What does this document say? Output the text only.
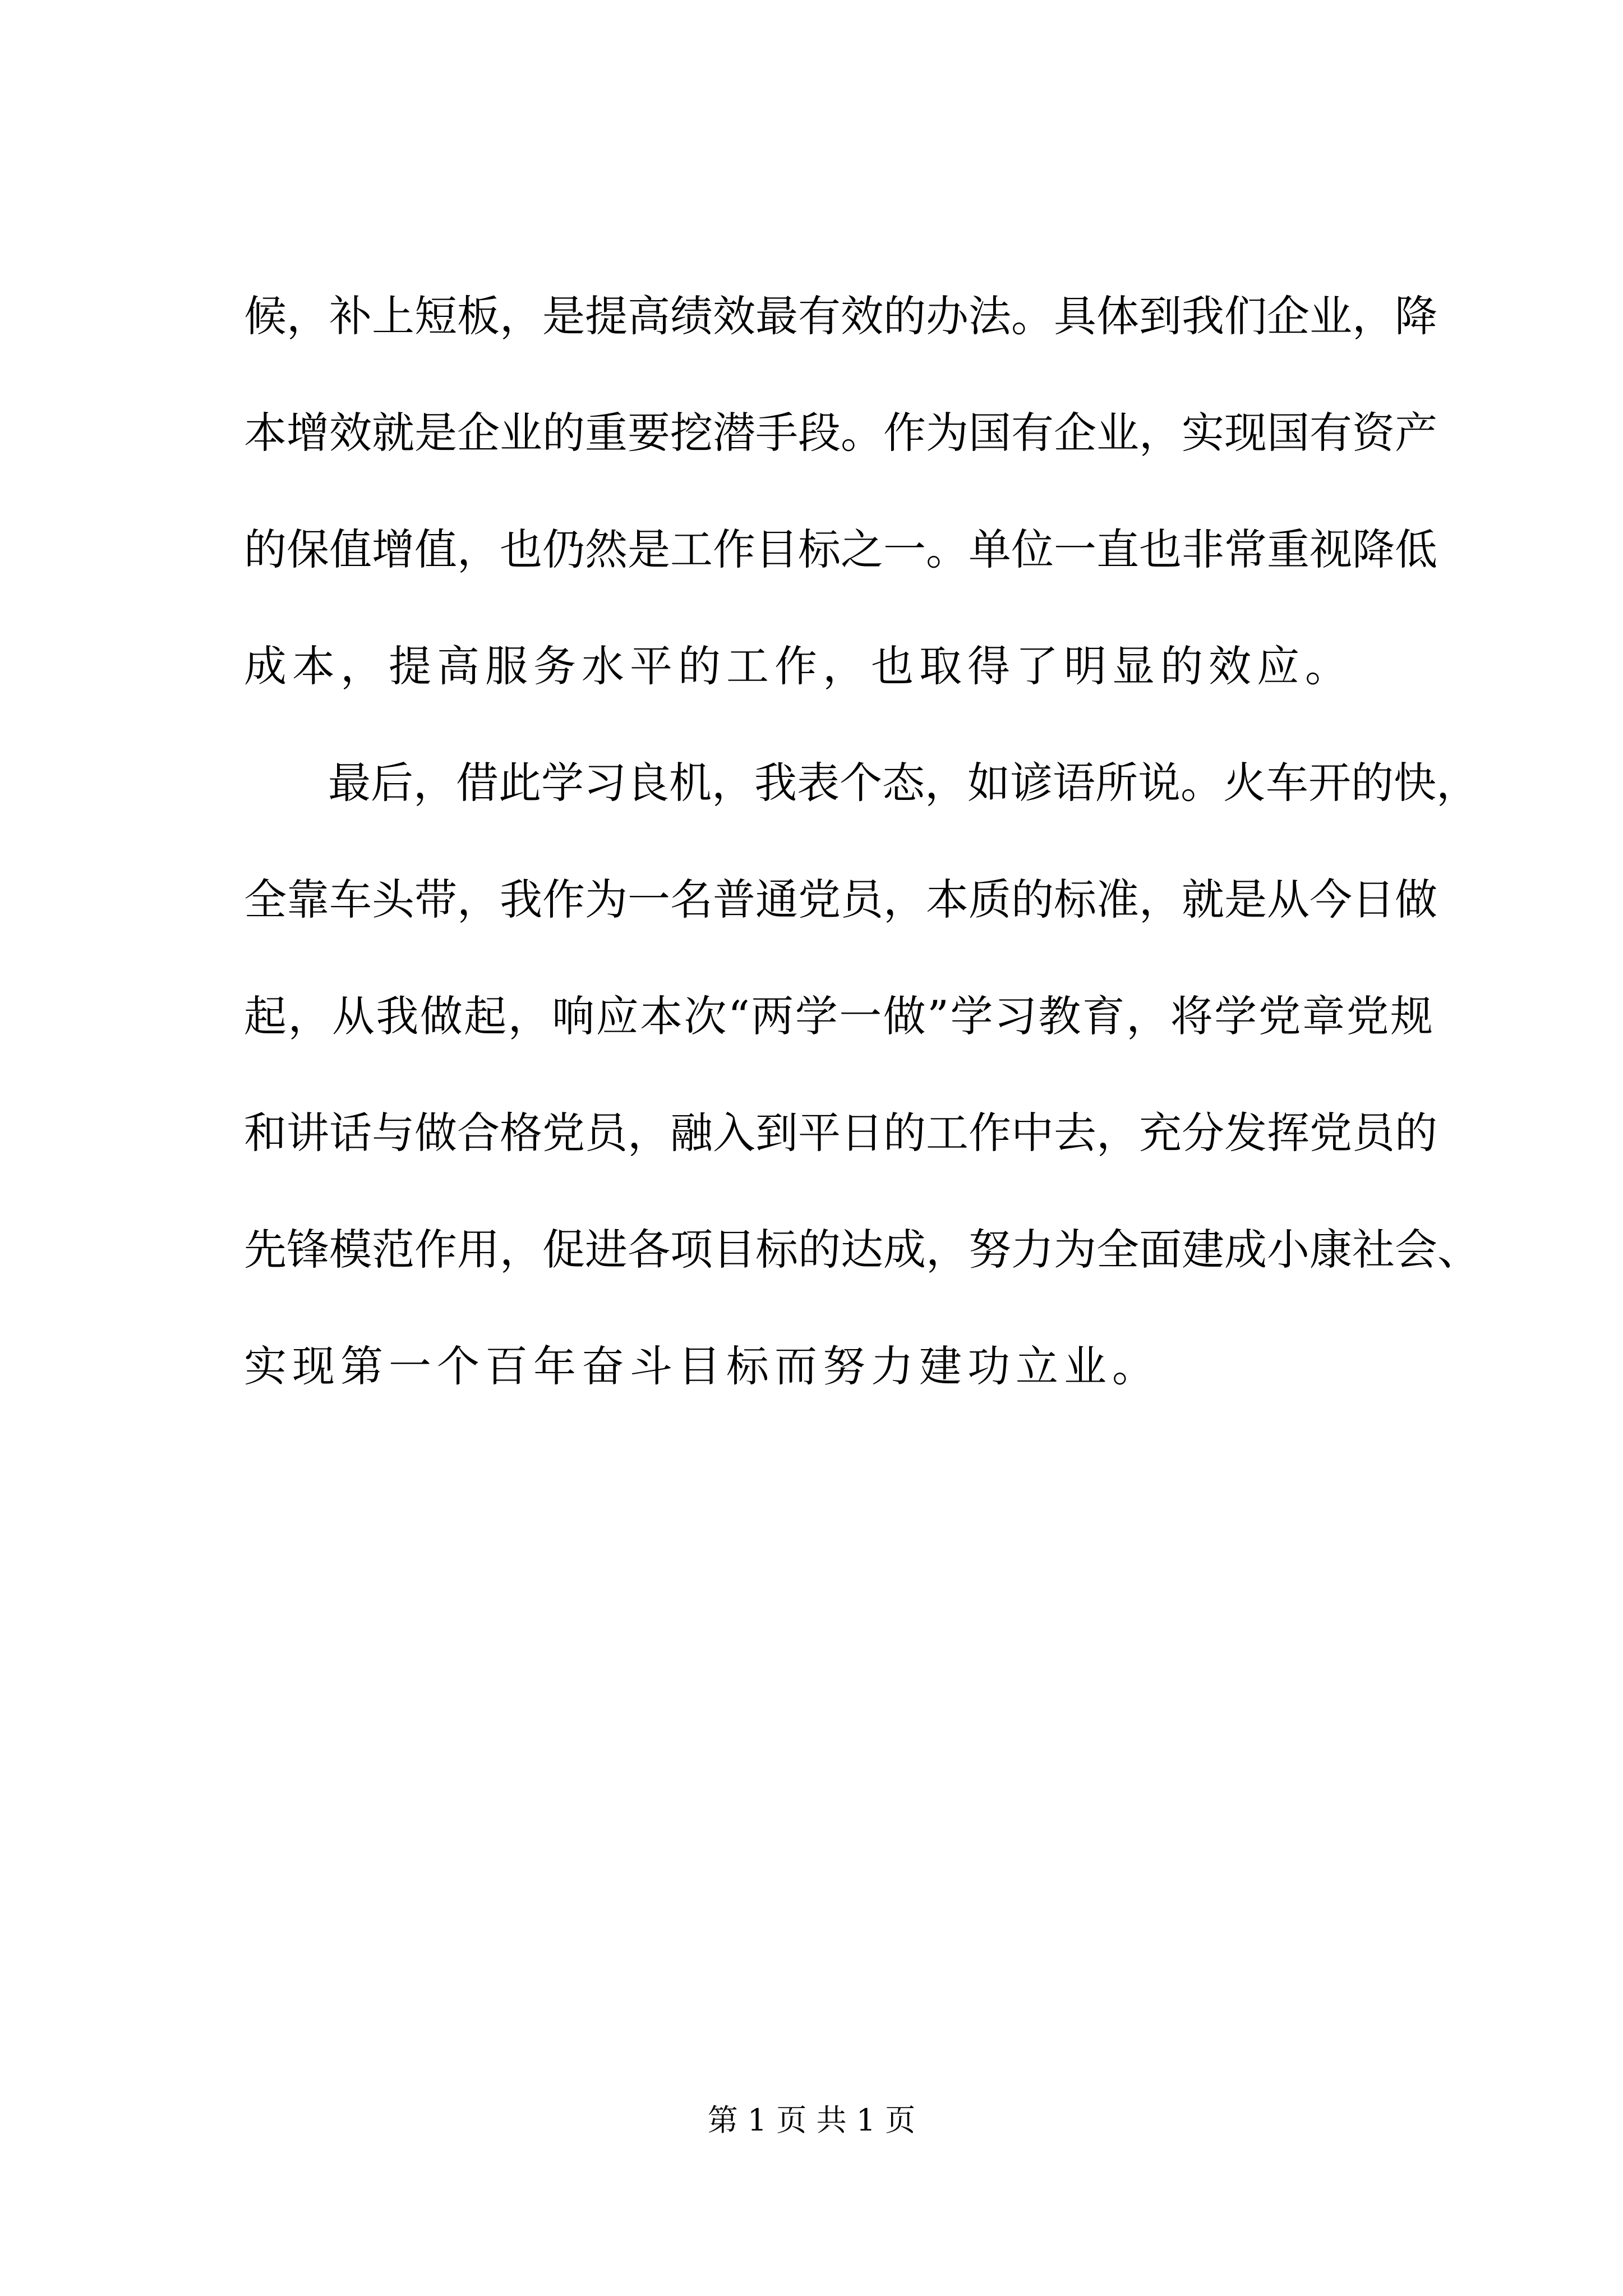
候，补上短板，是提高绩效最有效的办法。具体到我们企业，降
本增效就是企业的重要挖潜手段。作为国有企业，实现国有资产
的保值增值，也仍然是工作目标之一。单位一直也非常重视降低
成本，提高服务水平的工作，也取得了明显的效应。
最后，借此学习良机，我表个态，如谚语所说。火车开的快，
全靠车头带，我作为一名普通党员，本质的标准，就是从今日做
起，从我做起，响应本次“两学一做”学习教育，将学党章党规
和讲话与做合格党员，融入到平日的工作中去，充分发挥党员的
先锋模范作用，促进各项目标的达成，努力为全面建成小康社会、
实现第一个百年奋斗目标而努力建功立业。
第 1 页 共 1 页
